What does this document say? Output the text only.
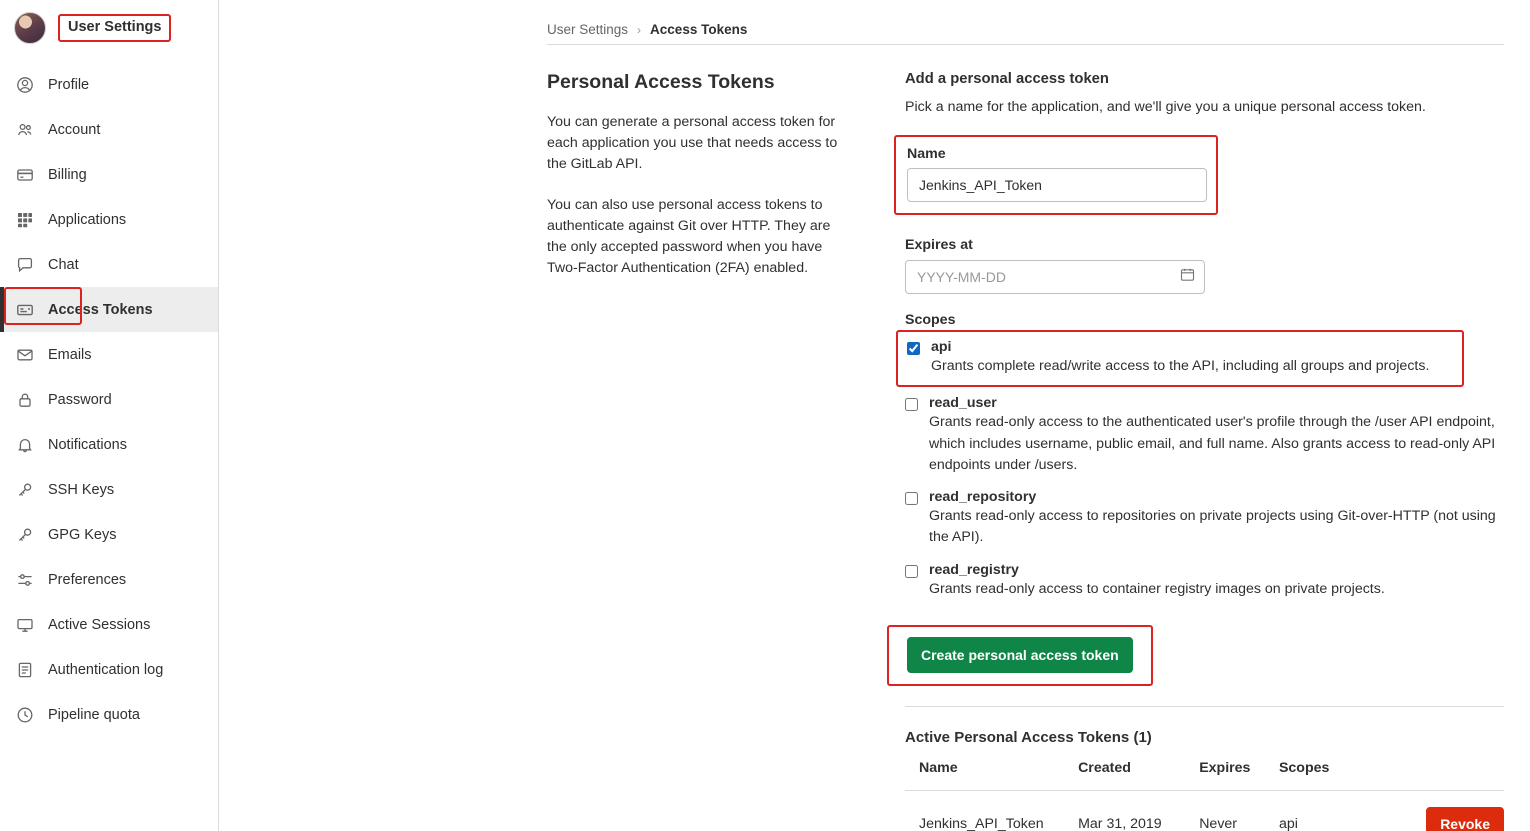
User Settings
Profile
Account
Billing
Applications
Chat
Access Tokens
Emails
Password
Notifications
SSH Keys
GPG Keys
Preferences
Active Sessions
Authentication log
Pipeline quota
User Settings › Access Tokens
Personal Access Tokens

You can generate a personal access token for each application you use that needs access to the GitLab API.

You can also use personal access tokens to authenticate against Git over HTTP. They are the only accepted password when you have Two-Factor Authentication (2FA) enabled.

Add a personal access token

Pick a name for the application, and we'll give you a unique personal access token.

Name
Jenkins_API_Token
Expires at
YYYY-MM-DD
Scopes
api
Grants complete read/write access to the API, including all groups and projects.
read_user
Grants read-only access to the authenticated user's profile through the /user API endpoint, which includes username, public email, and full name. Also grants access to read-only API endpoints under /users.
read_repository
Grants read-only access to repositories on private projects using Git-over-HTTP (not using the API).
read_registry
Grants read-only access to container registry images on private projects.
Create personal access token
Active Personal Access Tokens (1)
Name	Created	Expires	Scopes	
Jenkins_API_Token	Mar 31, 2019	Never	api	Revoke
